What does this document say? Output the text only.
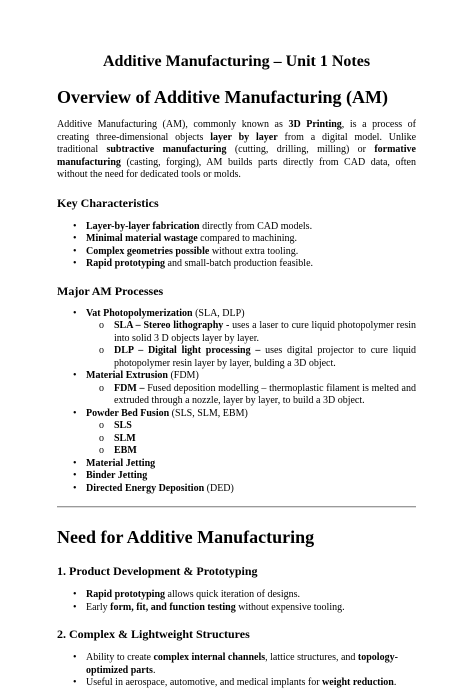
Additive Manufacturing – Unit 1 Notes
Overview of Additive Manufacturing (AM)

Additive Manufacturing (AM), commonly known as 3D Printing, is a process of creating three-dimensional objects layer by layer from a digital model. Unlike traditional subtractive manufacturing (cutting, drilling, milling) or formative manufacturing (casting, forging), AM builds parts directly from CAD data, often without the need for dedicated tools or molds.

Key Characteristics
• Layer-by-layer fabrication directly from CAD models.
• Minimal material wastage compared to machining.
• Complex geometries possible without extra tooling.
• Rapid prototyping and small-batch production feasible.
Major AM Processes
• Vat Photopolymerization (SLA, DLP)
o SLA – Stereo lithography - uses a laser to cure liquid photopolymer resin into solid 3 D objects layer by layer.
o DLP – Digital light processing – uses digital projector to cure liquid photopolymer resin layer by layer, bulding a 3D object.
• Material Extrusion (FDM)
o FDM – Fused deposition modelling – thermoplastic filament is melted and extruded through a nozzle, layer by layer, to build a 3D object.
• Powder Bed Fusion (SLS, SLM, EBM)
o SLS
o SLM
o EBM
• Material Jetting
• Binder Jetting
• Directed Energy Deposition (DED)
Need for Additive Manufacturing
1. Product Development & Prototyping
• Rapid prototyping allows quick iteration of designs.
• Early form, fit, and function testing without expensive tooling.
2. Complex & Lightweight Structures
• Ability to create complex internal channels, lattice structures, and topology-optimized parts.
• Useful in aerospace, automotive, and medical implants for weight reduction.
